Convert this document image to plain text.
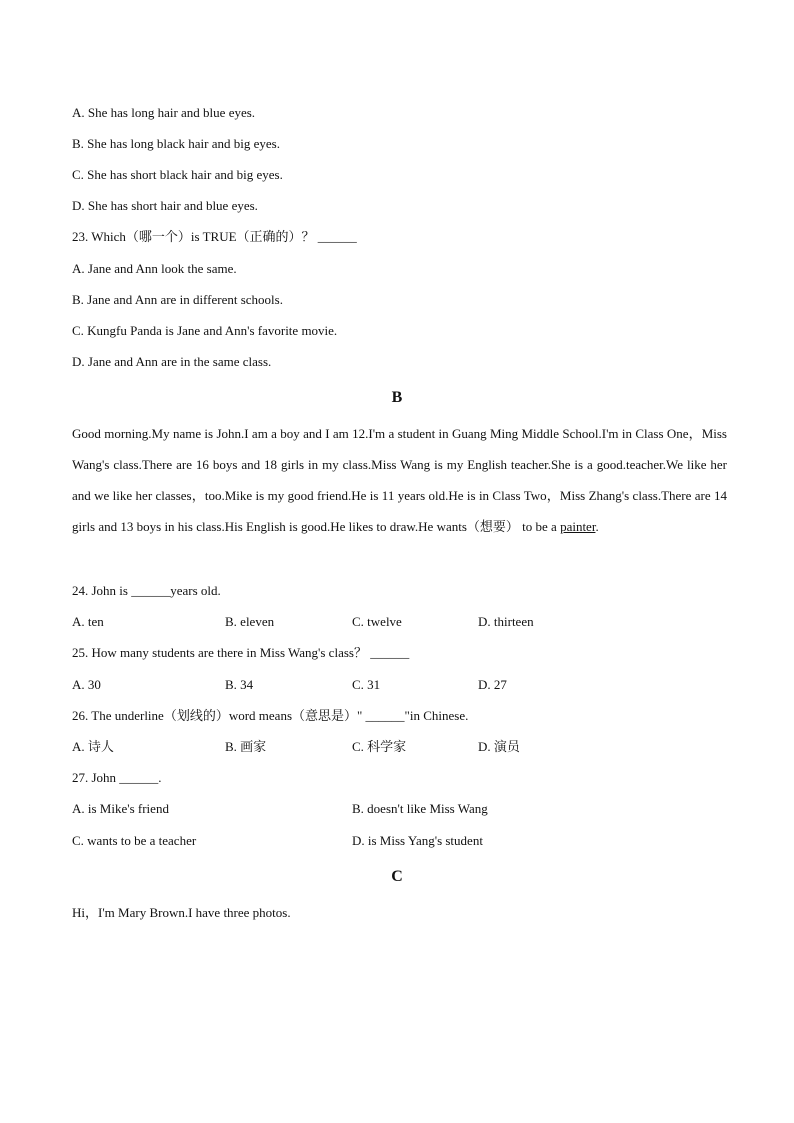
A. She has long hair and blue eyes.
B. She has long black hair and big eyes.
C. She has short black hair and big eyes.
D. She has short hair and blue eyes.
23. Which（哪一个）is TRUE（正确的）？ ______
A. Jane and Ann look the same.
B. Jane and Ann are in different schools.
C. Kungfu Panda is Jane and Ann's favorite movie.
D. Jane and Ann are in the same class.
B
Good morning.My name is John.I am a boy and I am 12.I'm a student in Guang Ming Middle School.I'm in Class One，Miss Wang's class.There are 16 boys and 18 girls in my class.Miss Wang is my English teacher.She is a good.teacher.We like her and we like her classes，too.Mike is my good friend.He is 11 years old.He is in Class Two，Miss Zhang's class.There are 14 girls and 13 boys in his class.His English is good.He likes to draw.He wants（想要） to be a painter.
24. John is ______years old.
A. ten	B. eleven	C. twelve	D. thirteen
25. How many students are there in Miss Wang's class？ ______
A. 30	B. 34	C. 31	D. 27
26. The underline（划线的）word means（意思是）" ______"in Chinese.
A. 诗人	B. 画家	C. 科学家	D. 演员
27. John ______.
A. is Mike's friend	B. doesn't like Miss Wang
C. wants to be a teacher	D. is Miss Yang's student
C
Hi，I'm Mary Brown.I have three photos.
